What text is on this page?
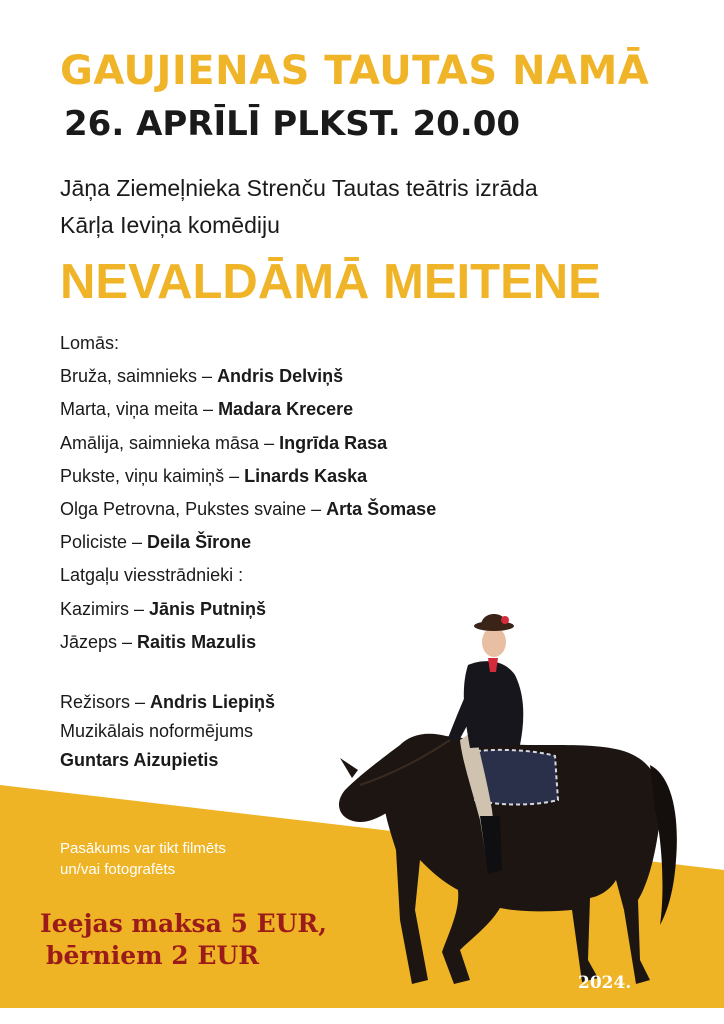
GAUJIENAS TAUTAS NAMĀ
26. APRĪLĪ PLKST. 20.00
Jāņa Ziemeļnieka Strenču Tautas teātris izrāda
Kārļa Ieviņa komēdiju
NEVALDĀMĀ MEITENE
Lomās:
Bruža, saimnieks – Andris Delviņš
Marta, viņa meita – Madara Krecere
Amālija, saimnieka māsa – Ingrīda Rasa
Pukste, viņu kaimiņš – Linards Kaska
Olga Petrovna, Pukstes svaine – Arta Šomase
Policiste – Deila Šīrone
Latgaļu viesstrādnieki :
Kazimirs – Jānis Putniņš
Jāzeps – Raitis Mazulis
Režisors – Andris Liepiņš
Muzikālais noformējums
Guntars Aizupietis
Pasākums var tikt filmēts
un/vai fotografēts
Ieejas maksa 5 EUR,
bērniem 2 EUR
2024.
